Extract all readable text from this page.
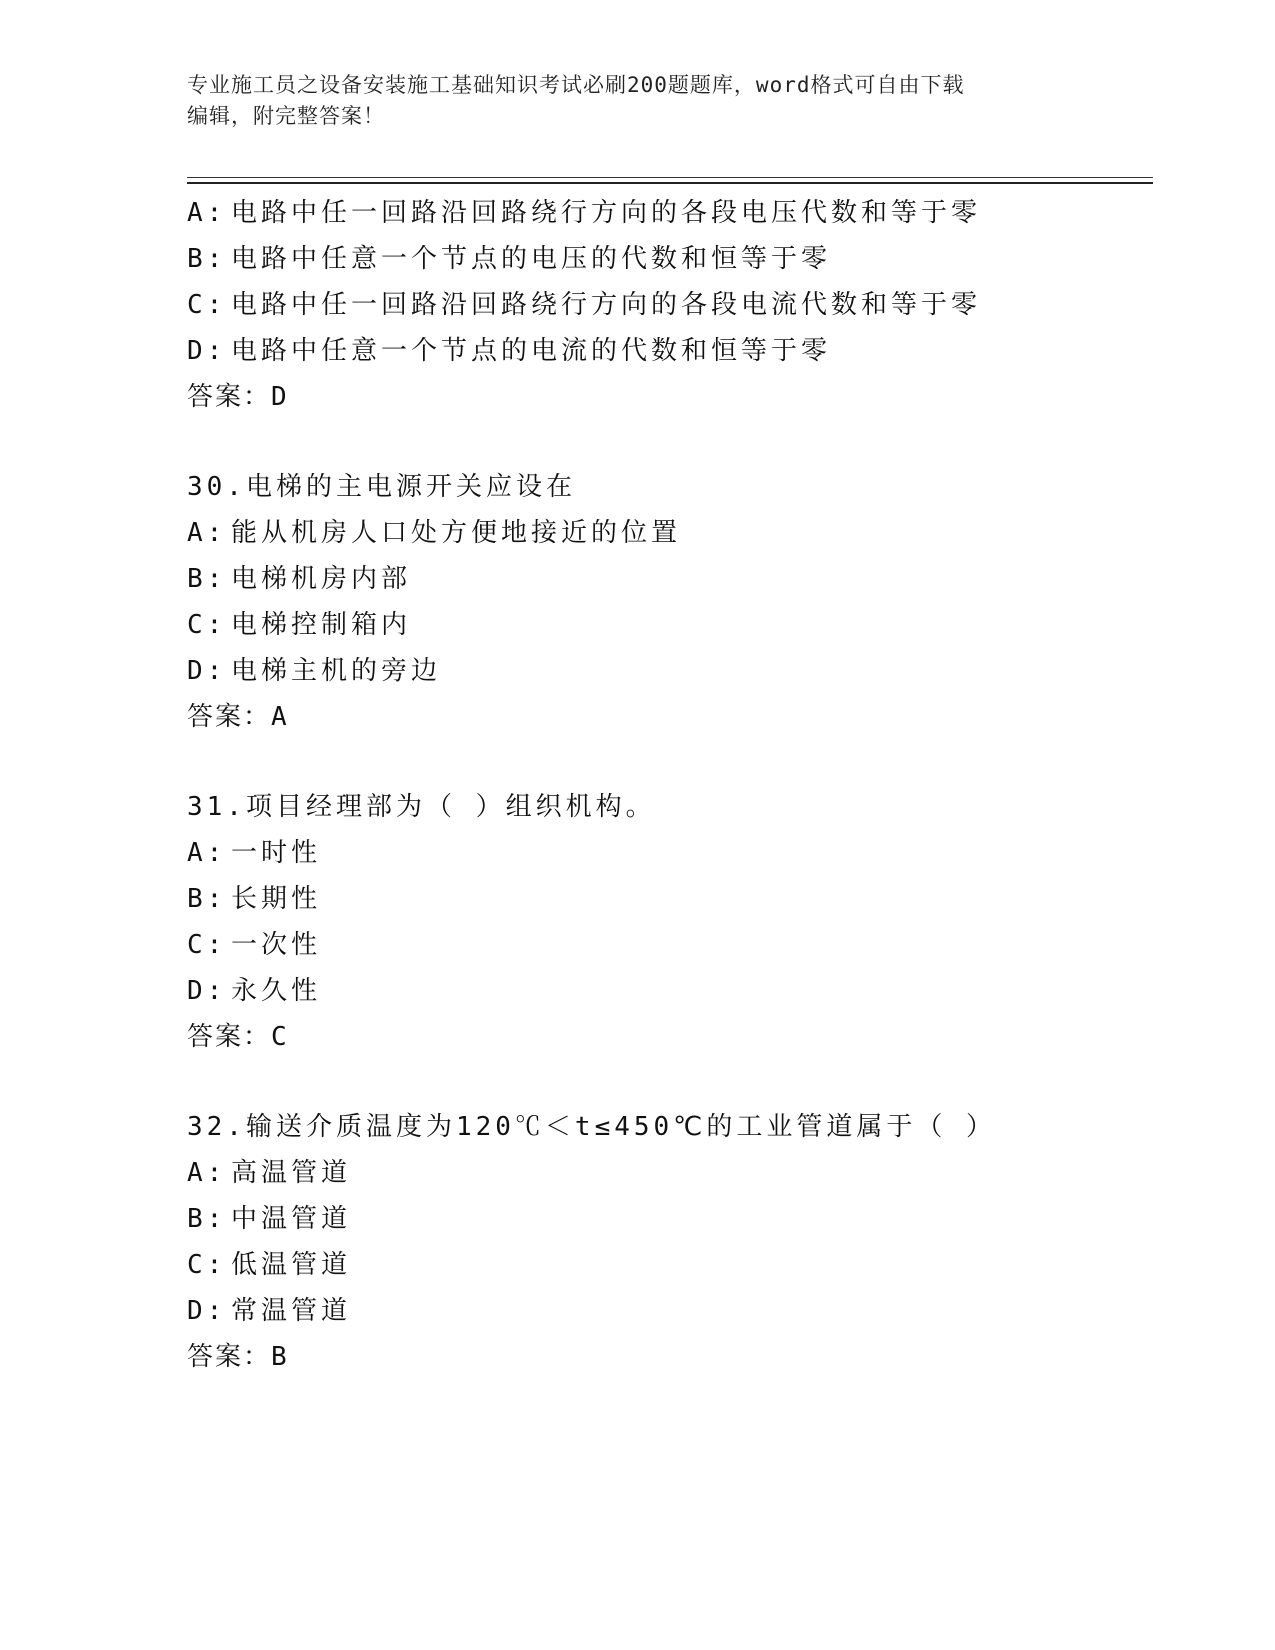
专业施工员之设备安装施工基础知识考试必刷200题题库，word格式可自由下载
编辑，附完整答案！
A: 电路中任一回路沿回路绕行方向的各段电压代数和等于零
B: 电路中任意一个节点的电压的代数和恒等于零
C: 电路中任一回路沿回路绕行方向的各段电流代数和等于零
D: 电路中任意一个节点的电流的代数和恒等于零
答案：D
30.电梯的主电源开关应设在
A: 能从机房人口处方便地接近的位置
B: 电梯机房内部
C: 电梯控制箱内
D: 电梯主机的旁边
答案：A
31.项目经理部为（ ）组织机构。
A: 一时性
B: 长期性
C: 一次性
D: 永久性
答案：C
32.输送介质温度为120℃＜t≤450℃的工业管道属于（ ）
A: 高温管道
B: 中温管道
C: 低温管道
D: 常温管道
答案：B
